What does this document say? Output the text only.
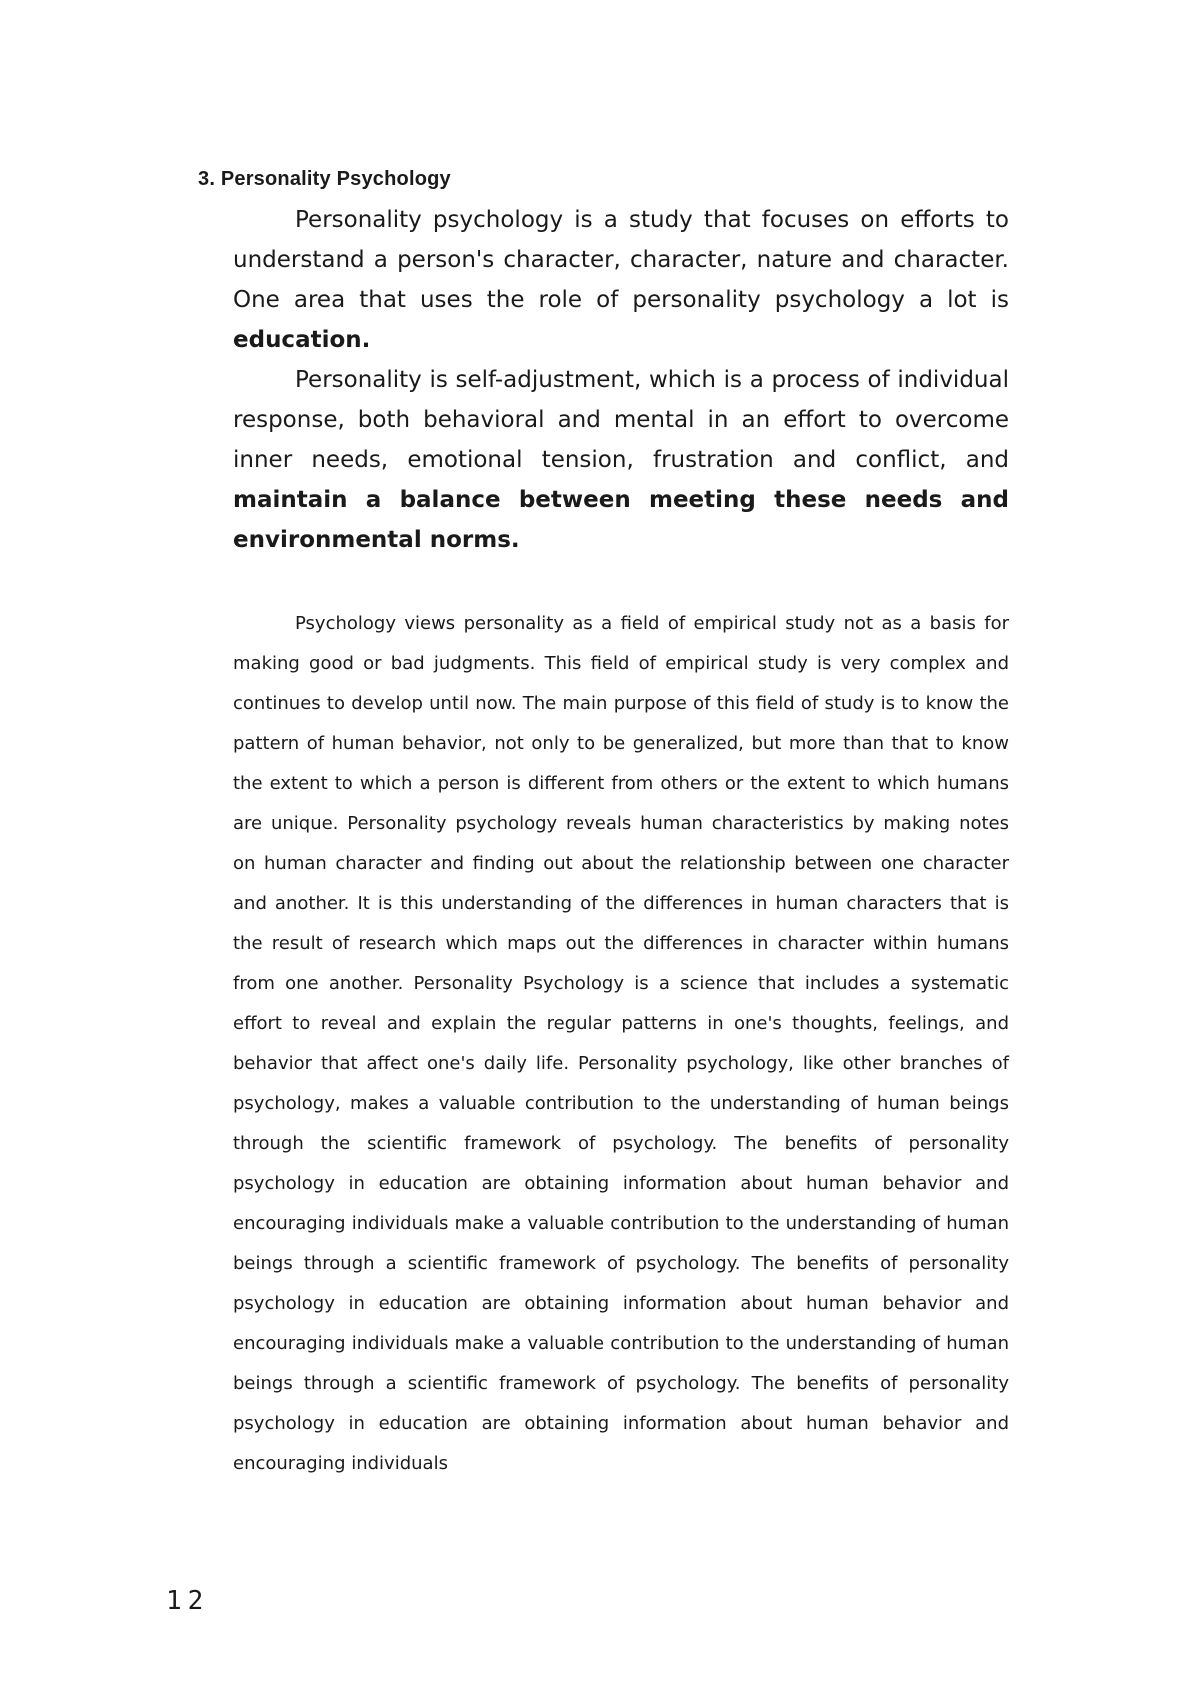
3. Personality Psychology

Personality psychology is a study that focuses on efforts to understand a person's character, character, nature and character. One area that uses the role of personality psychology a lot is education.

Personality is self-adjustment, which is a process of individual response, both behavioral and mental in an effort to overcome inner needs, emotional tension, frustration and conflict, and maintain a balance between meeting these needs and environmental norms.

Psychology views personality as a field of empirical study not as a basis for making good or bad judgments. This field of empirical study is very complex and continues to develop until now. The main purpose of this field of study is to know the pattern of human behavior, not only to be generalized, but more than that to know the extent to which a person is different from others or the extent to which humans are unique. Personality psychology reveals human characteristics by making notes on human character and finding out about the relationship between one character and another. It is this understanding of the differences in human characters that is the result of research which maps out the differences in character within humans from one another. Personality Psychology is a science that includes a systematic effort to reveal and explain the regular patterns in one's thoughts, feelings, and behavior that affect one's daily life. Personality psychology, like other branches of psychology, makes a valuable contribution to the understanding of human beings through the scientific framework of psychology. The benefits of personality psychology in education are obtaining information about human behavior and encouraging individuals make a valuable contribution to the understanding of human beings through a scientific framework of psychology. The benefits of personality psychology in education are obtaining information about human behavior and encouraging individuals make a valuable contribution to the understanding of human beings through a scientific framework of psychology. The benefits of personality psychology in education are obtaining information about human behavior and encouraging individuals

12
